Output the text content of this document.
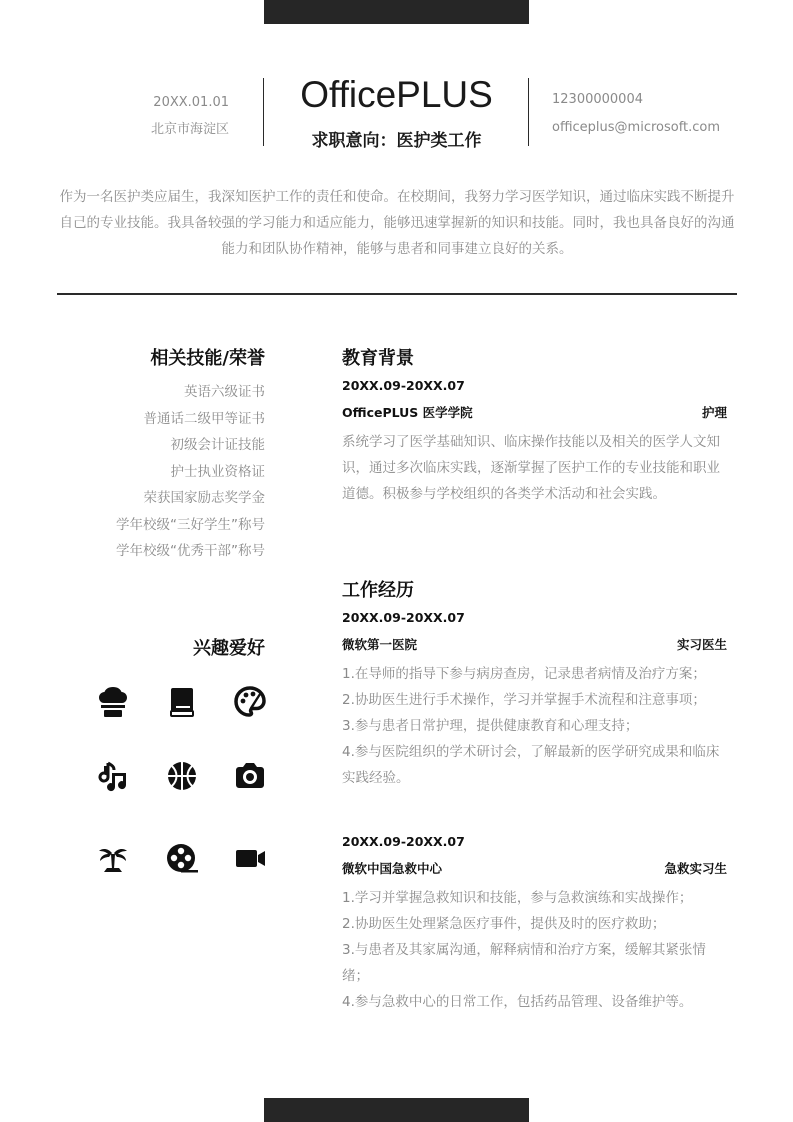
20XX.01.01
北京市海淀区
OfficePLUS
求职意向：医护类工作
12300000004
officeplus@microsoft.com
作为一名医护类应届生，我深知医护工作的责任和使命。在校期间，我努力学习医学知识，通过临床实践不断提升自己的专业技能。我具备较强的学习能力和适应能力，能够迅速掌握新的知识和技能。同时，我也具备良好的沟通能力和团队协作精神，能够与患者和同事建立良好的关系。
相关技能/荣誉
英语六级证书
普通话二级甲等证书
初级会计证技能
护士执业资格证
荣获国家励志奖学金
学年校级“三好学生”称号
学年校级“优秀干部”称号
兴趣爱好
教育背景
20XX.09-20XX.07
OfficePLUS 医学学院	护理
系统学习了医学基础知识、临床操作技能以及相关的医学人文知识，通过多次临床实践，逐渐掌握了医护工作的专业技能和职业道德。积极参与学校组织的各类学术活动和社会实践。
工作经历
20XX.09-20XX.07
微软第一医院	实习医生
1.在导师的指导下参与病房查房，记录患者病情及治疗方案；
2.协助医生进行手术操作，学习并掌握手术流程和注意事项；
3.参与患者日常护理，提供健康教育和心理支持；
4.参与医院组织的学术研讨会，了解最新的医学研究成果和临床实践经验。
20XX.09-20XX.07
微软中国急救中心	急救实习生
1.学习并掌握急救知识和技能，参与急救演练和实战操作；
2.协助医生处理紧急医疗事件，提供及时的医疗救助；
3.与患者及其家属沟通，解释病情和治疗方案，缓解其紧张情绪；
4.参与急救中心的日常工作，包括药品管理、设备维护等。
